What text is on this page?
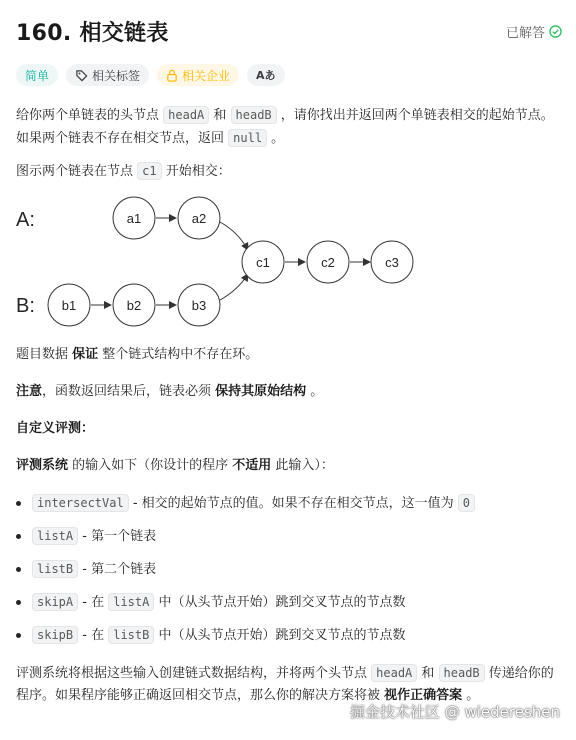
160. 相交链表	已解答
简单	相关标签	相关企业 Aあ
给你两个单链表的头节点 headA 和 headB ，请你找出并返回两个单链表相交的起始节点。如果两个链表不存在相交节点，返回 null 。
图示两个链表在节点 c1 开始相交：
A:
B:
a1	a2
c1	c2	c3
b1	b2	b3
题目数据 保证 整个链式结构中不存在环。
注意，函数返回结果后，链表必须 保持其原始结构 。
自定义评测：
评测系统 的输入如下（你设计的程序 不适用 此输入）：
intersectVal - 相交的起始节点的值。如果不存在相交节点，这一值为 0
listA - 第一个链表
listB - 第二个链表
skipA - 在 listA 中（从头节点开始）跳到交叉节点的节点数
skipB - 在 listB 中（从头节点开始）跳到交叉节点的节点数
评测系统将根据这些输入创建链式数据结构，并将两个头节点 headA 和 headB 传递给你的程序。如果程序能够正确返回相交节点，那么你的解决方案将被 视作正确答案 。
掘金技术社区 @ wiedereshen
